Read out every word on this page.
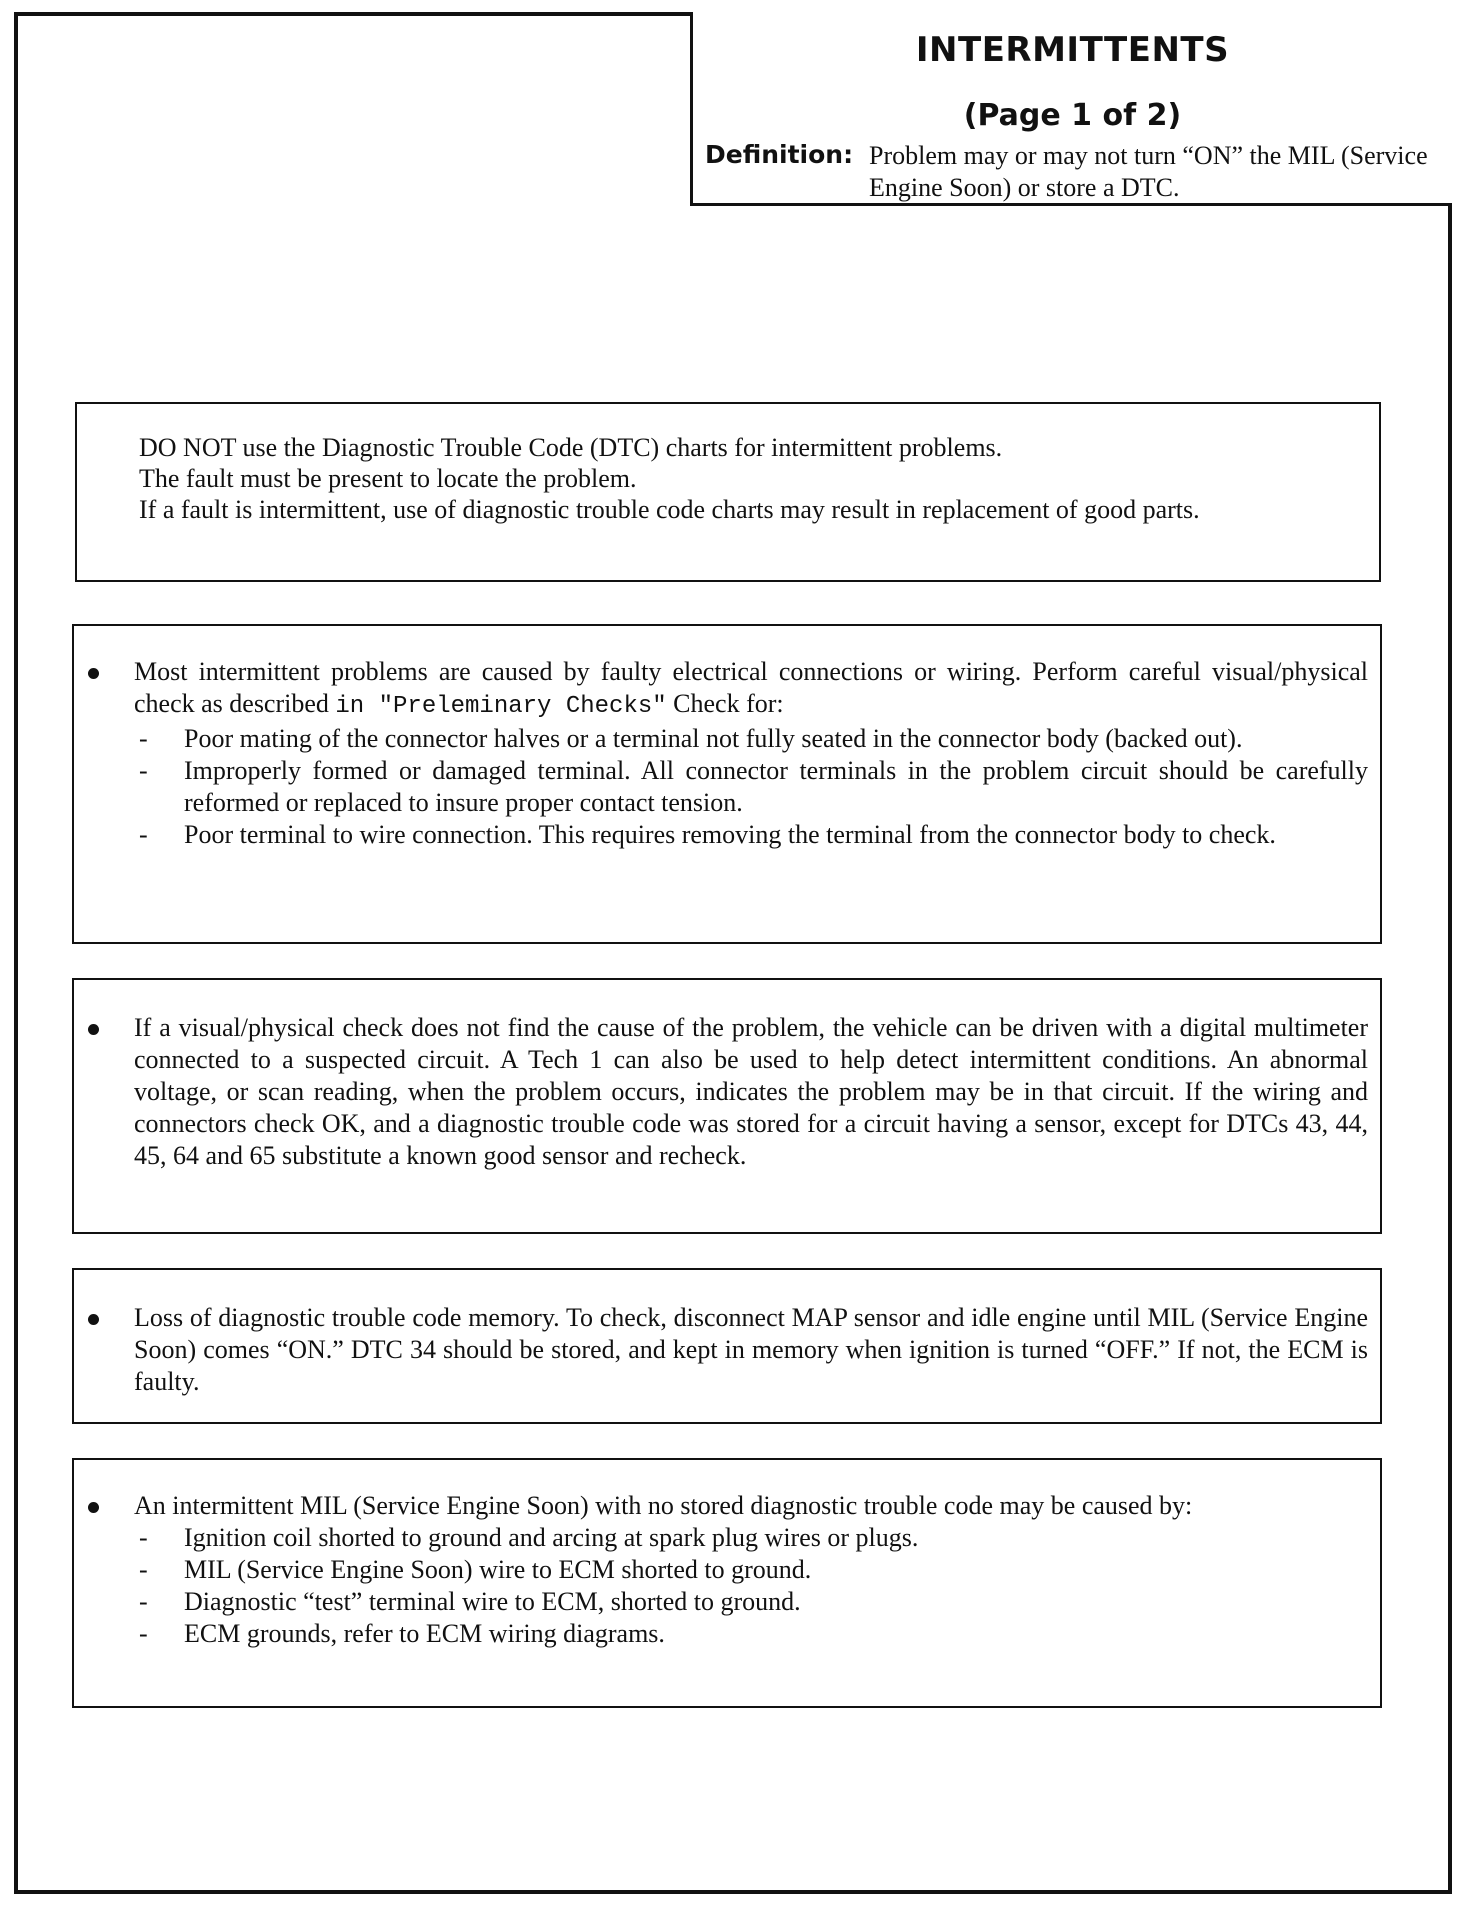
INTERMITTENTS
(Page 1 of 2)
Definition: Problem may or may not turn “ON” the MIL (Service Engine Soon) or store a DTC.

DO NOT use the Diagnostic Trouble Code (DTC) charts for intermittent problems.

The fault must be present to locate the problem.

If a fault is intermittent, use of diagnostic trouble code charts may result in replacement of good parts.

Most intermittent problems are caused by faulty electrical connections or wiring. Perform careful visual/physical check as described in "Preleminary Checks" Check for:
- Poor mating of the connector halves or a terminal not fully seated in the connector body (backed out).
- Improperly formed or damaged terminal. All connector terminals in the problem circuit should be carefully reformed or replaced to insure proper contact tension.
- Poor terminal to wire connection. This requires removing the terminal from the connector body to check.
If a visual/physical check does not find the cause of the problem, the vehicle can be driven with a digital multimeter connected to a suspected circuit. A Tech 1 can also be used to help detect intermittent conditions. An abnormal voltage, or scan reading, when the problem occurs, indicates the problem may be in that circuit. If the wiring and connectors check OK, and a diagnostic trouble code was stored for a circuit having a sensor, except for DTCs 43, 44, 45, 64 and 65 substitute a known good sensor and recheck.
Loss of diagnostic trouble code memory. To check, disconnect MAP sensor and idle engine until MIL (Service Engine Soon) comes “ON.” DTC 34 should be stored, and kept in memory when ignition is turned “OFF.” If not, the ECM is faulty.
An intermittent MIL (Service Engine Soon) with no stored diagnostic trouble code may be caused by:
- Ignition coil shorted to ground and arcing at spark plug wires or plugs.
- MIL (Service Engine Soon) wire to ECM shorted to ground.
- Diagnostic “test” terminal wire to ECM, shorted to ground.
- ECM grounds, refer to ECM wiring diagrams.
